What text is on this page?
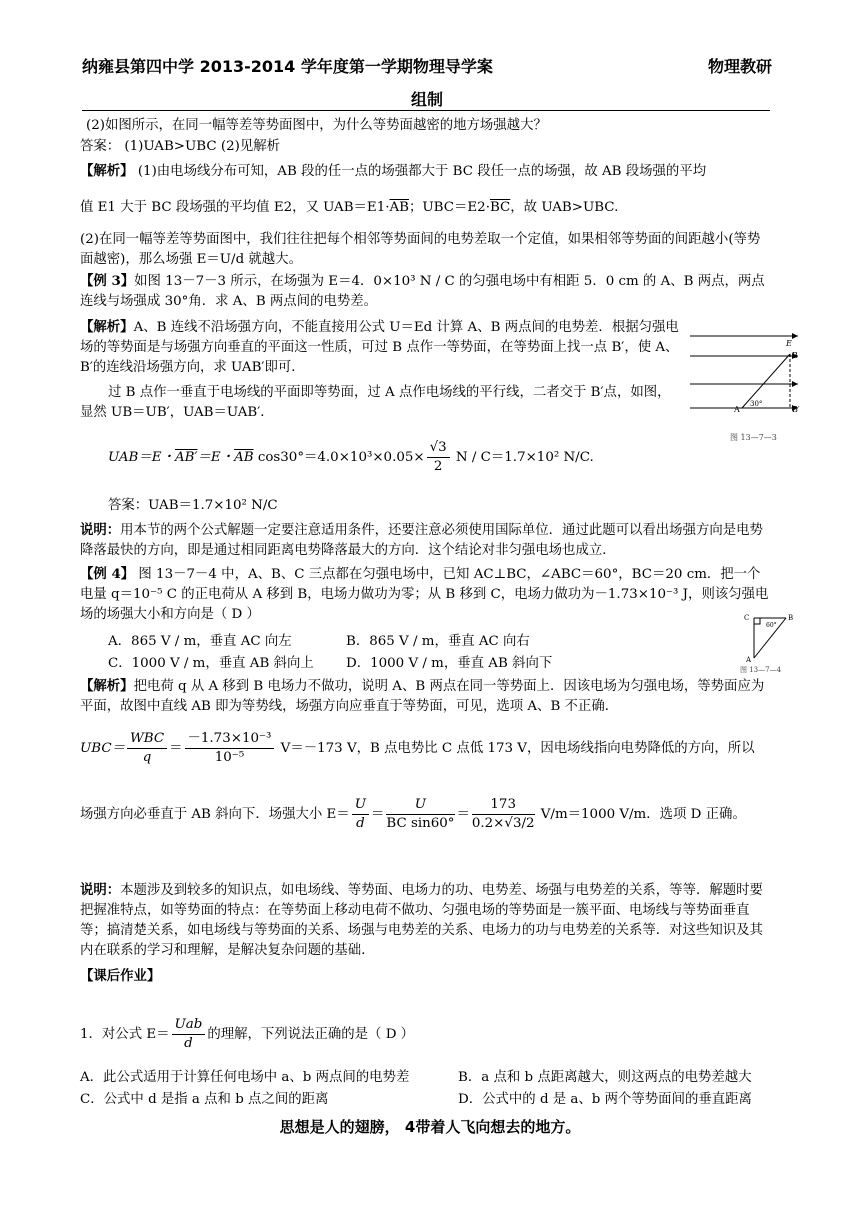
纳雍县第四中学 2013-2014 学年度第一学期物理导学案	物理教研
组制
(2)如图所示，在同一幅等差等势面图中，为什么等势面越密的地方场强越大？
答案： (1)UAB>UBC (2)见解析
【解析】 (1)由电场线分布可知，AB 段的任一点的场强都大于 BC 段任一点的场强，故 AB 段场强的平均
值 E1 大于 BC 段场强的平均值 E2，又 $UAB=E1\cdot\overline{AB}$；$UBC=E2\cdot\overline{BC}$，故 UAB>UBC.
(2)在同一幅等差等势面图中，我们往往把每个相邻等势面间的电势差取一个定值，如果相邻等势面的间距越小(等势面越密)，那么场强 E＝U/d 就越大。
【例 3】如图 13－7－3 所示，在场强为 E＝4．0×10³ N / C 的匀强电场中有相距 5．0 cm 的 A、B 两点，两点连线与场强成 30°角．求 A、B 两点间的电势差。
【解析】A、B 连线不沿场强方向，不能直接用公式 U＝Ed 计算 A、B 两点间的电势差．根据匀强电场的等势面是与场强方向垂直的平面这一性质，可过 B 点作一等势面，在等势面上找一点 B′，使 A、B′的连线沿场强方向，求 UAB′即可．
过 B 点作一垂直于电场线的平面即等势面，过 A 点作电场线的平行线，二者交于 B′点，如图，显然 UB＝UB′，UAB＝UAB′．
E
B
A
30°
B′
图 13—7—3
UAB＝E・AB′＝E・$\overline{AB}$ $\cos 30^\circ=4.0\times 10^3\times 0.05\times \frac{√3}{2}$ N / C＝1.7×10² N/C.
答案：UAB＝1.7×10² N/C
说明：用本节的两个公式解题一定要注意适用条件，还要注意必须使用国际单位．通过此题可以看出场强方向是电势降落最快的方向，即是通过相同距离电势降落最大的方向．这个结论对非匀强电场也成立．
【例 4】 图 13－7－4 中，A、B、C 三点都在匀强电场中，已知 AC⊥BC，∠ABC＝60°，BC＝20 cm．把一个电量 q＝10⁻⁵ C 的正电荷从 A 移到 B，电场力做功为零；从 B 移到 C，电场力做功为－1.73×10⁻³ J，则该匀强电场的场强大小和方向是（ D ）
A．865 V / m，垂直 AC 向左	B．865 V / m，垂直 AC 向右
C．1000 V / m，垂直 AB 斜向上 D．1000 V / m，垂直 AB 斜向下
C
60°
A
B
图 13—7—4
【解析】把电荷 q 从 A 移到 B 电场力不做功，说明 A、B 两点在同一等势面上．因该电场为匀强电场，等势面应为平面，故图中直线 AB 即为等势线，场强方向应垂直于等势面，可见，选项 A、B 不正确．
$UBC= \frac{\text{WBC}}{q} = \frac{\text{－1.73×10⁻³}}{\text{10⁻⁵}} V=-173$ V，B 点电势比 C 点低 173 V，因电场线指向电势降低的方向，所以
场强方向必垂直于 AB 斜向下．场强大小 $E= \frac{U}{d} = \frac{U}{\text{BC sin60°}} = \frac{173}{0.2\times√3/2} V/m=1000$ V/m．选项 D 正确。
说明：本题涉及到较多的知识点，如电场线、等势面、电场力的功、电势差、场强与电势差的关系，等等．解题时要把握准特点，如等势面的特点：在等势面上移动电荷不做功、匀强电场的等势面是一簇平面、电场线与等势面垂直等；搞清楚关系，如电场线与等势面的关系、场强与电势差的关系、电场力的功与电势差的关系等．对这些知识及其内在联系的学习和理解，是解决复杂问题的基础．
【课后作业】
1．对公式 $E= \frac{\text{Uab}}{d}$ 的理解，下列说法正确的是（ D ）
A．此公式适用于计算任何电场中 a、b 两点间的电势差	B．a 点和 b 点距离越大，则这两点的电势差越大
C．公式中 d 是指 a 点和 b 点之间的距离	D．公式中的 d 是 a、b 两个等势面间的垂直距离
思想是人的翅膀， 4带着人飞向想去的地方。
